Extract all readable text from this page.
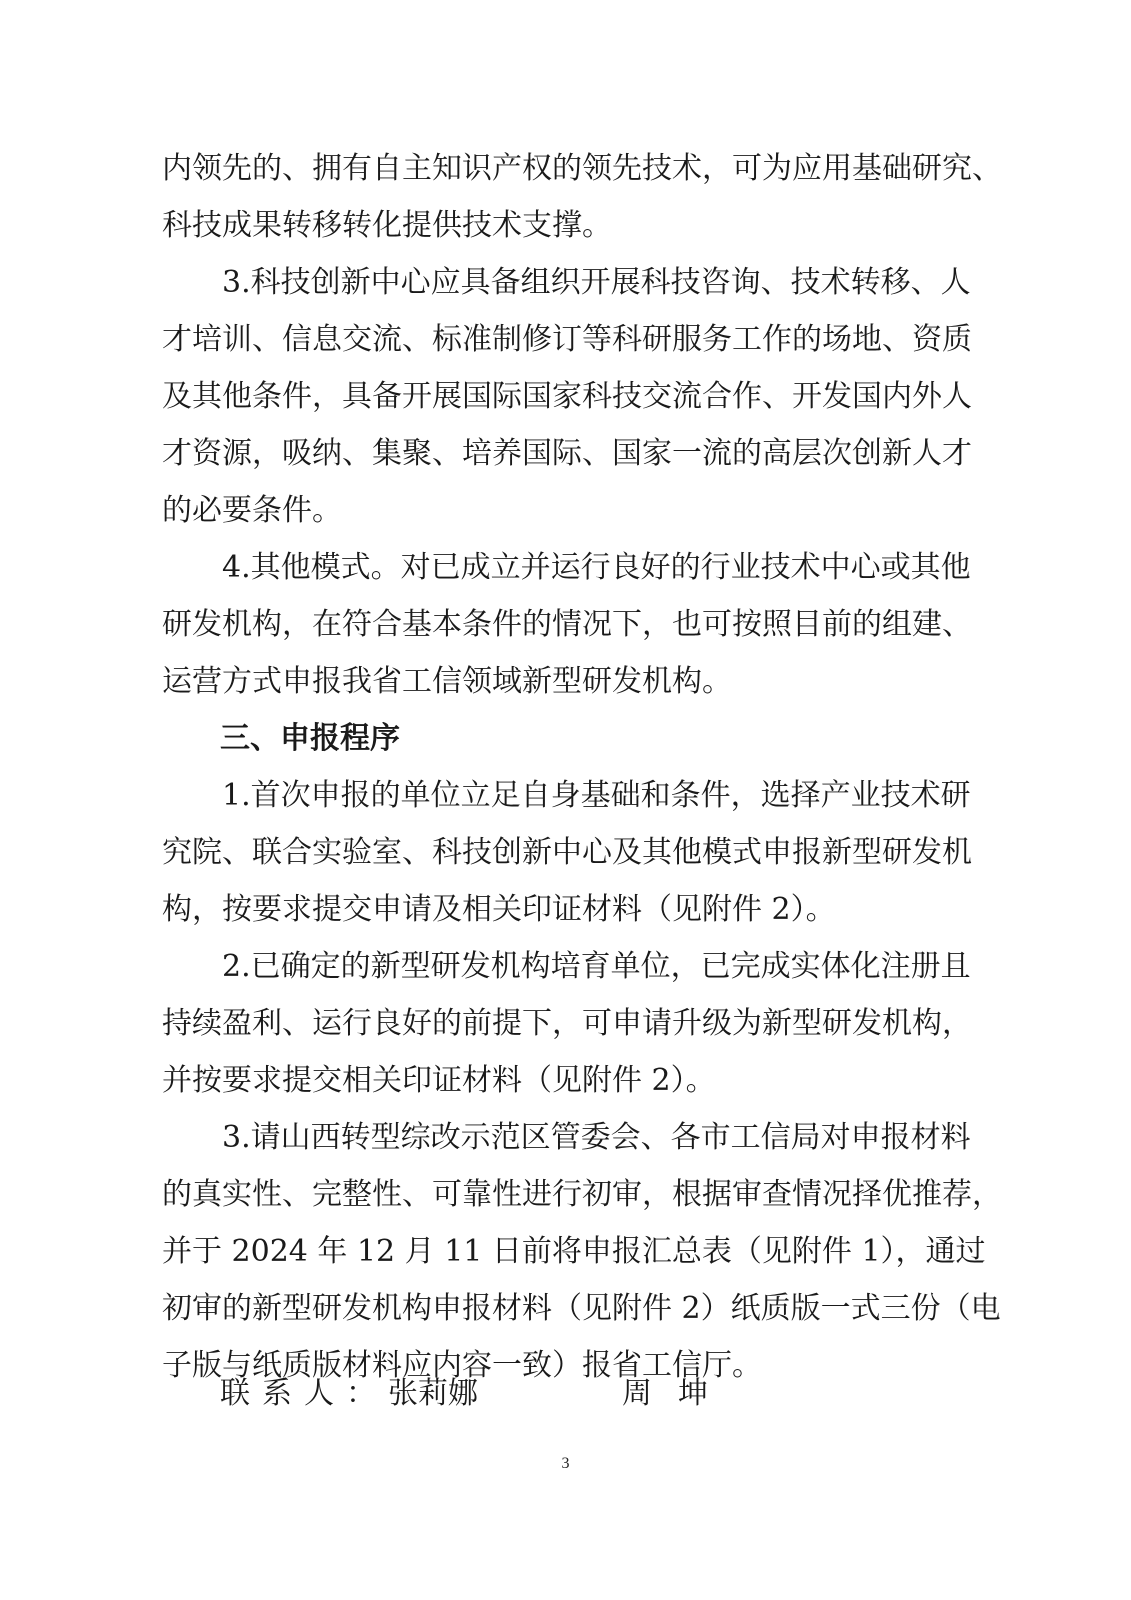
内领先的、拥有自主知识产权的领先技术，可为应用基础研究、
科技成果转移转化提供技术支撑。
3.科技创新中心应具备组织开展科技咨询、技术转移、人
才培训、信息交流、标准制修订等科研服务工作的场地、资质
及其他条件，具备开展国际国家科技交流合作、开发国内外人
才资源，吸纳、集聚、培养国际、国家一流的高层次创新人才
的必要条件。
4.其他模式。对已成立并运行良好的行业技术中心或其他
研发机构，在符合基本条件的情况下，也可按照目前的组建、
运营方式申报我省工信领域新型研发机构。
三、申报程序
1.首次申报的单位立足自身基础和条件，选择产业技术研
究院、联合实验室、科技创新中心及其他模式申报新型研发机
构，按要求提交申请及相关印证材料（见附件 2）。
2.已确定的新型研发机构培育单位，已完成实体化注册且
持续盈利、运行良好的前提下，可申请升级为新型研发机构，
并按要求提交相关印证材料（见附件 2）。
3.请山西转型综改示范区管委会、各市工信局对申报材料
的真实性、完整性、可靠性进行初审，根据审查情况择优推荐，
并于 2024 年 12 月 11 日前将申报汇总表（见附件 1），通过
初审的新型研发机构申报材料（见附件 2）纸质版一式三份（电
子版与纸质版材料应内容一致）报省工信厅。
联系人：张莉娜	周坤
3
